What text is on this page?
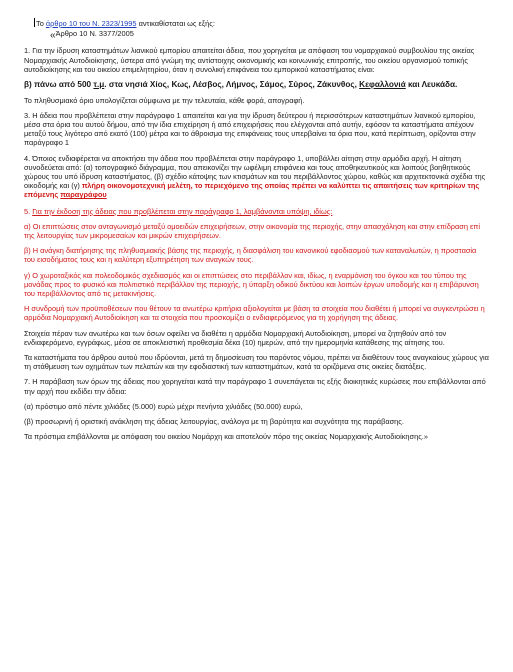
Το άρθρο 10 του Ν. 2323/1995 αντικαθίσταται ως εξής:

«Άρθρο 10 Ν. 3377/2005

1. Για την ίδρυση καταστημάτων λιανικού εμπορίου απαιτείται άδεια, που χορηγείται με απόφαση του νομαρχιακού συμβουλίου της οικείας Νομαρχιακής Αυτοδιοίκησης, ύστερα από γνώμη της αντίστοιχης οικονομικής και κοινωνικής επιτροπής, του οικείου οργανισμού τοπικής αυτοδιοίκησης και του οικείου επιμελητηρίου, όταν η συνολική επιφάνεια του εμπορικού καταστήματος είναι:

β) πάνω από 500 τ.μ. στα νησιά Χίος, Κως, Λέσβος, Λήμνος, Σάμος, Σύρος, Ζάκυνθος, Κεφαλλονιά και Λευκάδα.

Το πληθυσμιακό όριο υπολογίζεται σύμφωνα με την τελευταία, κάθε φορά, απογραφή.

3. Η άδεια που προβλέπεται στην παράγραφο 1 απαιτείται και για την ίδρυση δεύτερου ή περισσότερων καταστημάτων λιανικού εμπορίου, μέσα στα όρια του αυτού δήμου, από την ίδια επιχείρηση ή από επιχειρήσεις που ελέγχονται από αυτήν, εφόσον τα καταστήματα απέχουν μεταξύ τους λιγότερο από εκατό (100) μέτρα και το άθροισμα της επιφάνειας τους υπερβαίνει τα όρια που, κατά περίπτωση, ορίζονται στην παράγραφο 1

4. Όποιος ενδιαφέρεται να αποκτήσει την άδεια που προβλέπεται στην παράγραφο 1, υποβάλλει αίτηση στην αρμόδια αρχή. Η αίτηση συνοδεύεται από: (α) τοπογραφικό διάγραμμα, που απεικονίζει την ωφέλιμη επιφάνεια και τους αποθηκευτικούς και λοιπούς βοηθητικούς χώρους του υπό ίδρυση καταστήματος, (β) σχέδιο κάτοψης των κτισμάτων και του περιβάλλοντος χώρου, καθώς και αρχιτεκτονικά σχέδια της οικοδομής και (γ) πλήρη οικονομοτεχνική μελέτη, το περιεχόμενο της οποίας πρέπει να καλύπτει τις απαιτήσεις των κριτηρίων της επόμενης παραγράφου

5. Για την έκδοση της άδειας που προβλέπεται στην παράγραφο 1, λαμβάνονται υπόψη, ιδίως:

α) Οι επιπτώσεις στον ανταγωνισμό μεταξύ ομοειδών επιχειρήσεων, στην οικονομία της περιοχής, στην απασχόληση και στην επίδραση επί της λειτουργίας των μικρομεσαίων και μικρών επιχειρήσεων.

β) Η ανάγκη διατήρησης της πληθυσμιακής βάσης της περιοχής, η διασφάλιση του κανονικού εφοδιασμού των καταναλωτών, η προστασία του εισοδήματος τους και η καλύτερη εξυπηρέτηση των αναγκών τους.

γ) Ο χωροταξικός και πολεοδομικός σχεδιασμός και οι επιπτώσεις στο περιβάλλον και, ιδίως, η εναρμόνιση του όγκου και του τύπου της μονάδας προς το φυσικό και πολιτιστικό περιβάλλον της περιοχής, η ύπαρξη οδικού δικτύου και λοιπών έργων υποδομής και η επιβάρυνση του περιβάλλοντος από τις μετακινήσεις.

Η συνδρομή των προϋποθέσεων που θέτουν τα ανωτέρω κριτήρια αξιολογείται με βάση τα στοιχεία που διαθέτει ή μπορεί να συγκεντρώσει η αρμόδια Νομαρχιακή Αυτοδιοίκηση και τα στοιχεία που προσκομίζει ο ενδιαφερόμενος για τη χορήγηση της άδειας.

Στοιχεία πέραν των ανωτέρω και των όσων οφείλει να διαθέτει η αρμόδια Νομαρχιακή Αυτοδιοίκηση, μπορεί να ζητηθούν από τον ενδιαφερόμενο, εγγράφως, μέσα σε αποκλειστική προθεσμία δέκα (10) ημερών, από την ημερομηνία κατάθεσης της αίτησης του.

Τα καταστήματα του άρθρου αυτού που ιδρύονται, μετά τη δημοσίευση του παρόντος νόμου, πρέπει να διαθέτουν τους αναγκαίους χώρους για τη στάθμευση των οχημάτων των πελατών και την εφοδιαστική των καταστημάτων, κατά τα οριζόμενα στις οικείες διατάξεις.

7. Η παράβαση των όρων της άδειας που χορηγείται κατά την παράγραφο 1 συνεπάγεται τις εξής διοικητικές κυρώσεις που επιβάλλονται από την αρχή που εκδίδει την άδεια:

(α) πρόστιμο από πέντε χιλιάδες (5.000) ευρώ μέχρι πενήντα χιλιάδες (50.000) ευρώ,

(β) προσωρινή ή οριστική ανάκληση της άδειας λειτουργίας, ανάλογα με τη βαρύτητα και συχνότητα της παράβασης.

Τα πρόστιμα επιβάλλονται με απόφαση του οικείου Νομάρχη και αποτελούν πόρο της οικείας Νομαρχιακής Αυτοδιοίκησης.»
